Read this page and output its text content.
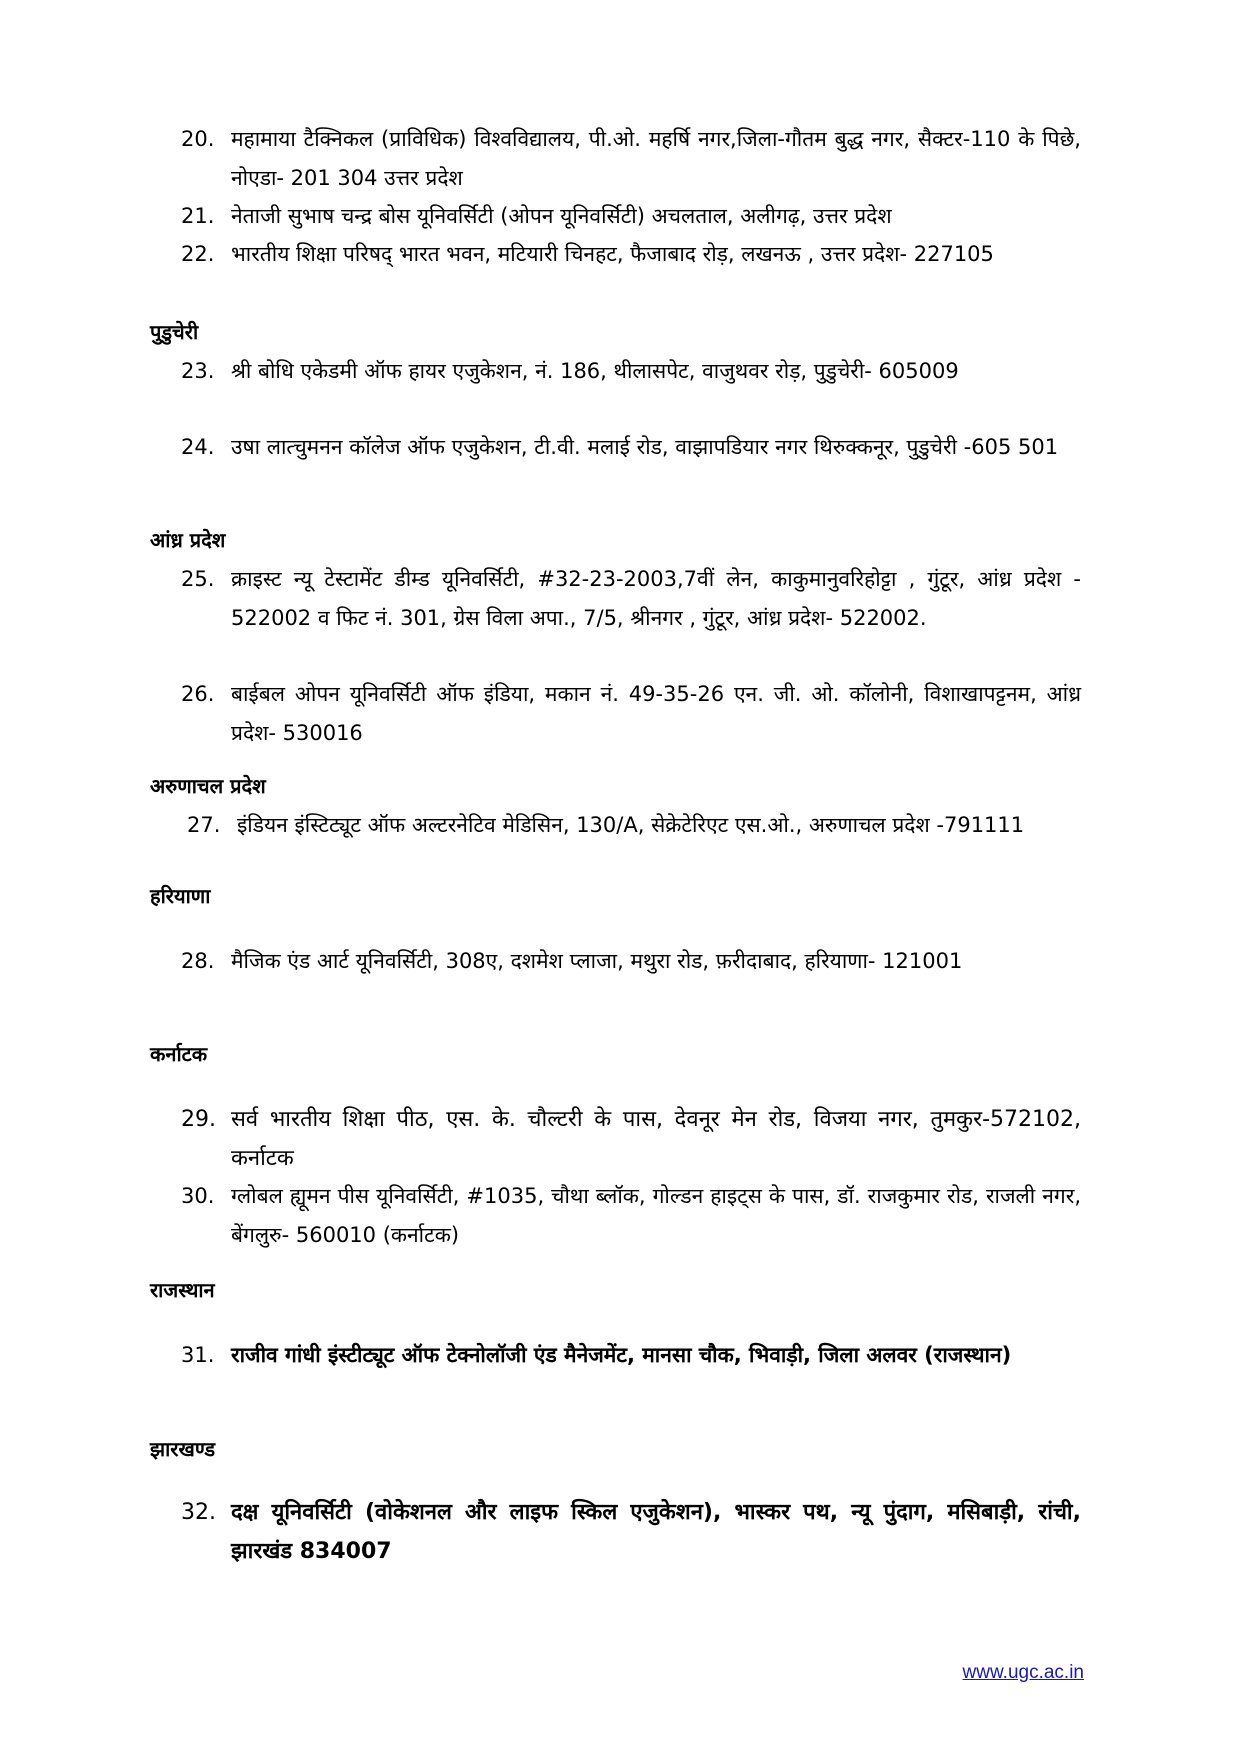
20. महामाया टैक्निकल (प्राविधिक) विश्वविद्यालय, पी.ओ. महर्षि नगर,जिला-गौतम बुद्ध नगर, सैक्टर-110 के पिछे, नोएडा- 201 304 उत्तर प्रदेश
21. नेताजी सुभाष चन्द्र बोस यूनिवर्सिटी (ओपन यूनिवर्सिटी) अचलताल, अलीगढ़, उत्तर प्रदेश
22. भारतीय शिक्षा परिषद् भारत भवन, मटियारी चिनहट, फैजाबाद रोड़, लखनऊ , उत्तर प्रदेश- 227105
पुडुचेरी
23. श्री बोधि एकेडमी ऑफ हायर एजुकेशन, नं. 186, थीलासपेट, वाजुथवर रोड़, पुडुचेरी- 605009
24. उषा लात्चुमनन कॉलेज ऑफ एजुकेशन, टी.वी. मलाई रोड, वाझापडियार नगर थिरुक्कनूर, पुडुचेरी -605 501
आंध्र प्रदेश
25. क्राइस्ट न्यू टेस्टामेंट डीम्ड यूनिवर्सिटी, #32-23-2003,7वीं लेन, काकुमानुवरिहोट्टा , गुंटूर, आंध्र प्रदेश - 522002 व फिट नं. 301, ग्रेस विला अपा., 7/5, श्रीनगर , गुंटूर, आंध्र प्रदेश- 522002.
26. बाईबल ओपन यूनिवर्सिटी ऑफ इंडिया, मकान नं. 49-35-26 एन. जी. ओ. कॉलोनी, विशाखापट्टनम, आंध्र प्रदेश- 530016
अरुणाचल प्रदेश
27. इंडियन इंस्टिट्यूट ऑफ अल्टरनेटिव मेडिसिन, 130/A, सेक्रेटेरिएट एस.ओ., अरुणाचल प्रदेश -791111
हरियाणा
28. मैजिक एंड आर्ट यूनिवर्सिटी, 308ए, दशमेश प्लाजा, मथुरा रोड, फ़रीदाबाद, हरियाणा- 121001
कर्नाटक
29. सर्व भारतीय शिक्षा पीठ, एस. के. चौल्टरी के पास, देवनूर मेन रोड, विजया नगर, तुमकुर-572102, कर्नाटक
30. ग्लोबल ह्यूमन पीस यूनिवर्सिटी, #1035, चौथा ब्लॉक, गोल्डन हाइट्स के पास, डॉ. राजकुमार रोड, राजली नगर, बेंगलुरु- 560010 (कर्नाटक)
राजस्थान
31. राजीव गांधी इंस्टीट्यूट ऑफ टेक्नोलॉजी एंड मैनेजमेंट, मानसा चौक, भिवाड़ी, जिला अलवर (राजस्थान)
झारखण्ड
32. दक्ष यूनिवर्सिटी (वोकेशनल और लाइफ स्किल एजुकेशन), भास्कर पथ, न्यू पुंदाग, मसिबाड़ी, रांची, झारखंड 834007
www.ugc.ac.in
